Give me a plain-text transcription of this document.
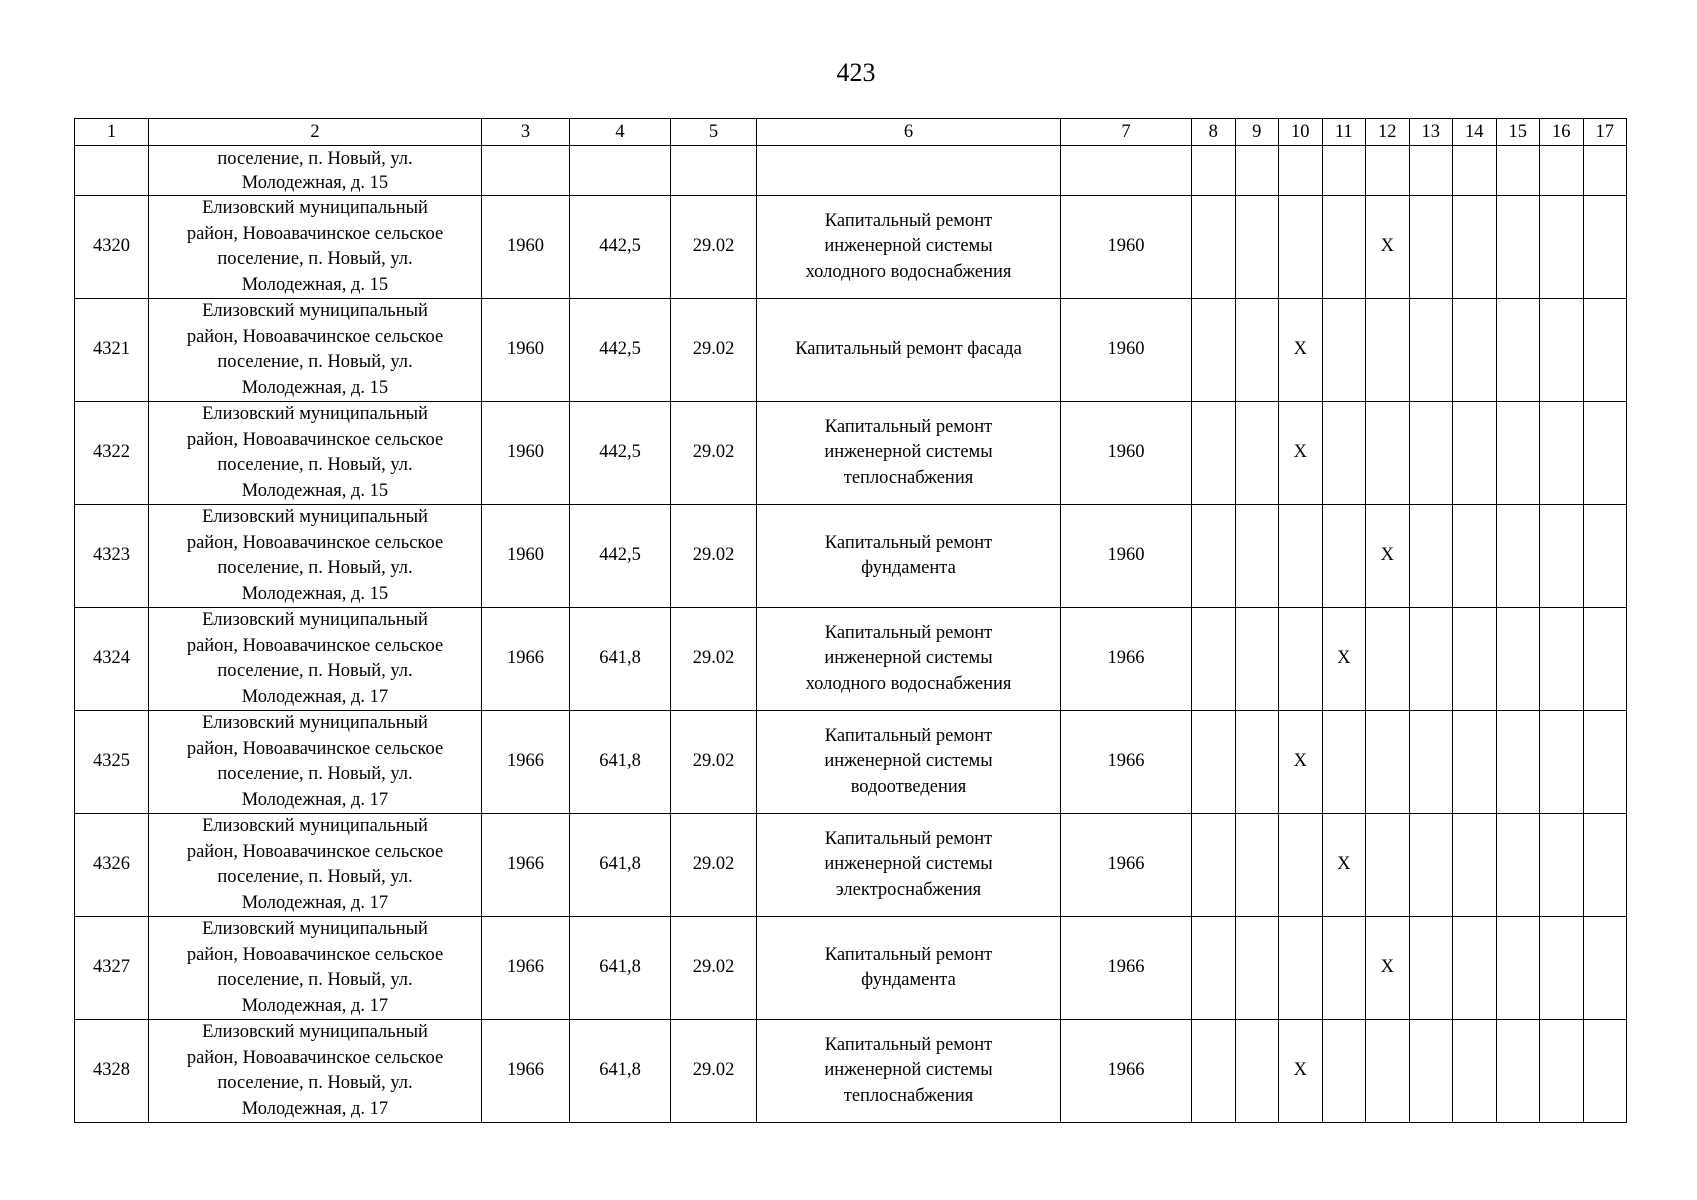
423
1	2	3	4	5	6	7	8	9	10	11	12	13	14	15	16	17
	поселение, п. Новый, ул.
Молодежная, д. 15															
4320	Елизовский муниципальный
район, Новоавачинское сельское
поселение, п. Новый, ул.
Молодежная, д. 15	1960	442,5	29.02	Капитальный ремонт
инженерной системы
холодного водоснабжения	1960					X					
4321	Елизовский муниципальный
район, Новоавачинское сельское
поселение, п. Новый, ул.
Молодежная, д. 15	1960	442,5	29.02	Капитальный ремонт фасада	1960			X							
4322	Елизовский муниципальный
район, Новоавачинское сельское
поселение, п. Новый, ул.
Молодежная, д. 15	1960	442,5	29.02	Капитальный ремонт
инженерной системы
теплоснабжения	1960			X							
4323	Елизовский муниципальный
район, Новоавачинское сельское
поселение, п. Новый, ул.
Молодежная, д. 15	1960	442,5	29.02	Капитальный ремонт
фундамента	1960					X					
4324	Елизовский муниципальный
район, Новоавачинское сельское
поселение, п. Новый, ул.
Молодежная, д. 17	1966	641,8	29.02	Капитальный ремонт
инженерной системы
холодного водоснабжения	1966				X						
4325	Елизовский муниципальный
район, Новоавачинское сельское
поселение, п. Новый, ул.
Молодежная, д. 17	1966	641,8	29.02	Капитальный ремонт
инженерной системы
водоотведения	1966			X							
4326	Елизовский муниципальный
район, Новоавачинское сельское
поселение, п. Новый, ул.
Молодежная, д. 17	1966	641,8	29.02	Капитальный ремонт
инженерной системы
электроснабжения	1966				X						
4327	Елизовский муниципальный
район, Новоавачинское сельское
поселение, п. Новый, ул.
Молодежная, д. 17	1966	641,8	29.02	Капитальный ремонт
фундамента	1966					X					
4328	Елизовский муниципальный
район, Новоавачинское сельское
поселение, п. Новый, ул.
Молодежная, д. 17	1966	641,8	29.02	Капитальный ремонт
инженерной системы
теплоснабжения	1966			X							
